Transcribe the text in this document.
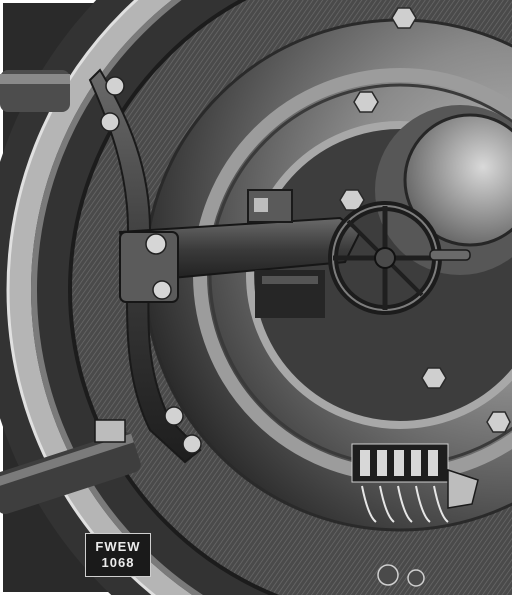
FWEW
1068
